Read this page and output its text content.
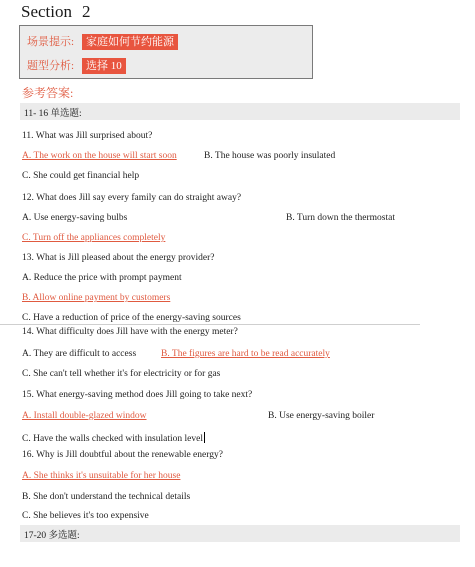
Section 2
场景提示: 家庭如何节约能源
题型分析: 选择 10
参考答案:
11- 16 单选题:
11. What was Jill surprised about?
A. The work on the house will start soon	B. The house was poorly insulated
C. She could get financial help
12. What does Jill say every family can do straight away?
A. Use energy-saving bulbs	B. Turn down the thermostat
C. Turn off the appliances completely
13. What is Jill pleased about the energy provider?
A. Reduce the price with prompt payment
B. Allow online payment by customers
C. Have a reduction of price of the energy-saving sources
14. What difficulty does Jill have with the energy meter?
A. They are difficult to access	B. The figures are hard to be read accurately
C. She can't tell whether it's for electricity or for gas
15. What energy-saving method does Jill going to take next?
A. Install double-glazed window	B. Use energy-saving boiler
C. Have the walls checked with insulation level
16. Why is Jill doubtful about the renewable energy?
A. She thinks it's unsuitable for her house
B. She don't understand the technical details
C. She believes it's too expensive
17-20 多选题:
